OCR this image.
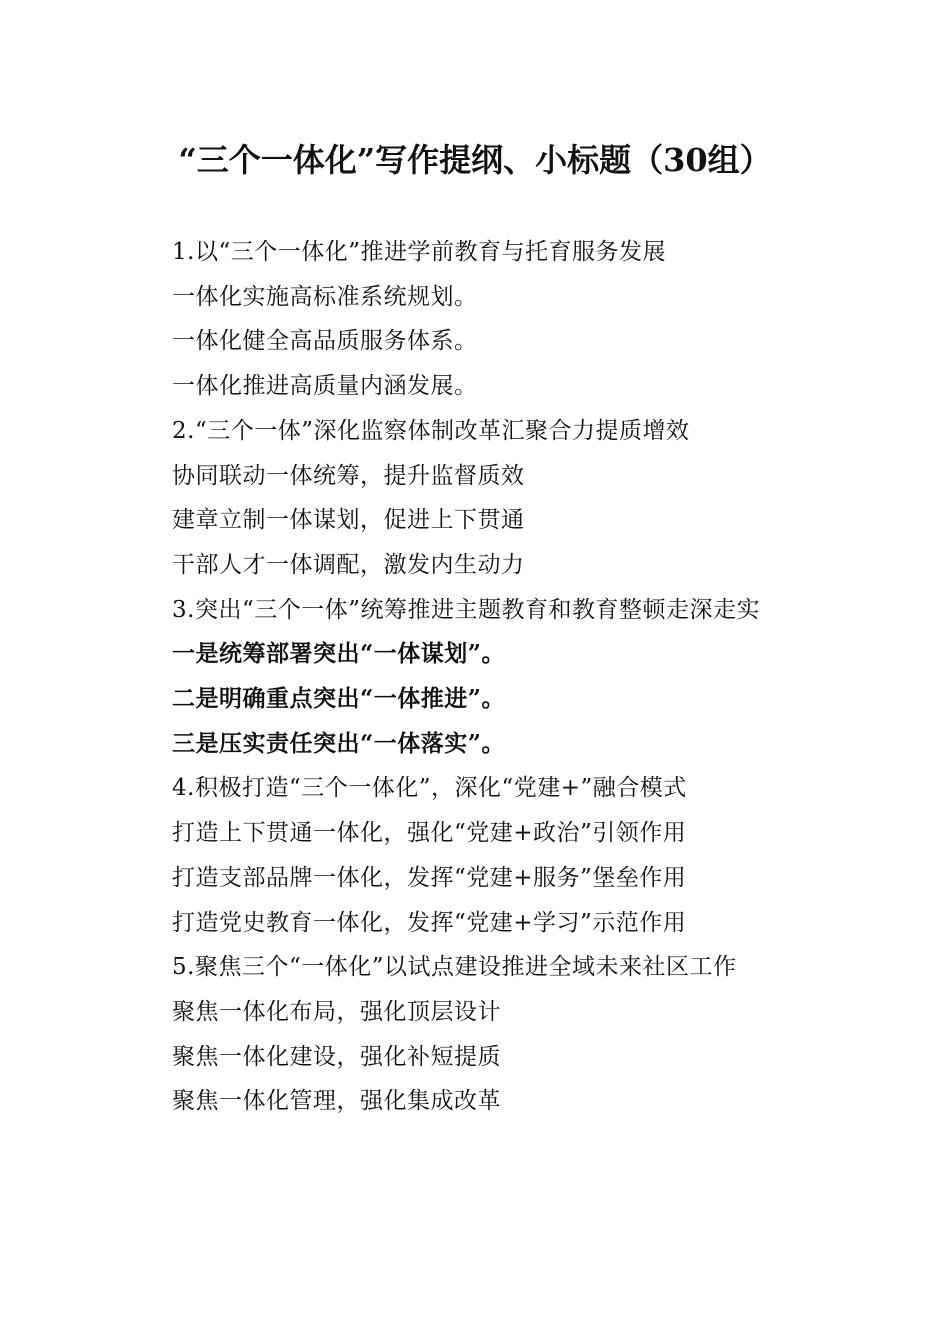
“三个一体化”写作提纲、小标题（30组）
1.以“三个一体化”推进学前教育与托育服务发展
一体化实施高标准系统规划。
一体化健全高品质服务体系。
一体化推进高质量内涵发展。
2.“三个一体”深化监察体制改革汇聚合力提质增效
协同联动一体统筹，提升监督质效
建章立制一体谋划，促进上下贯通
干部人才一体调配，激发内生动力
3.突出“三个一体”统筹推进主题教育和教育整顿走深走实
一是统筹部署突出“一体谋划”。
二是明确重点突出“一体推进”。
三是压实责任突出“一体落实”。
4.积极打造“三个一体化”，深化“党建+”融合模式
打造上下贯通一体化，强化“党建+政治”引领作用
打造支部品牌一体化，发挥“党建+服务”堡垒作用
打造党史教育一体化，发挥“党建+学习”示范作用
5.聚焦三个“一体化”以试点建设推进全域未来社区工作
聚焦一体化布局，强化顶层设计
聚焦一体化建设，强化补短提质
聚焦一体化管理，强化集成改革
